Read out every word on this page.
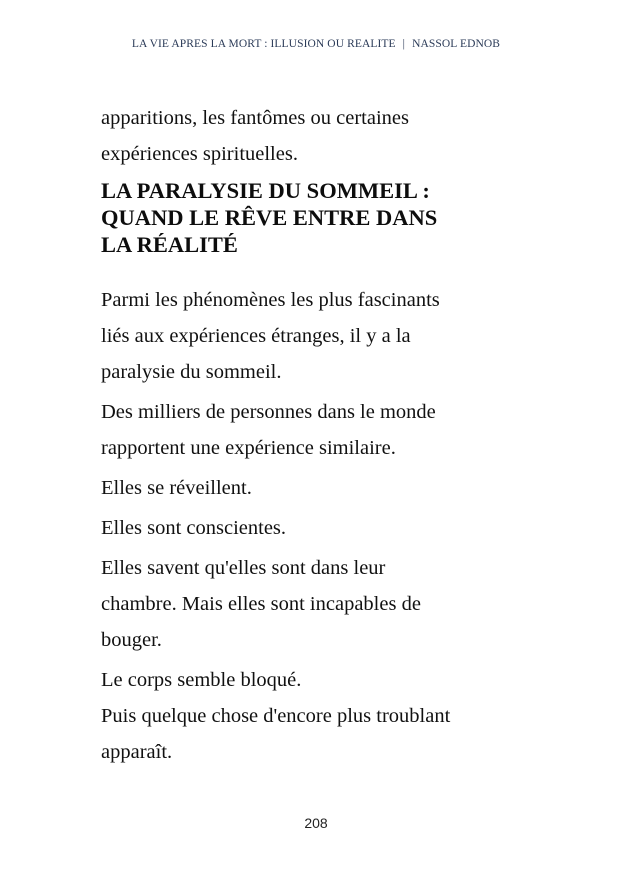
LA VIE APRES LA MORT : ILLUSION OU REALITE | NASSOL EDNOB

apparitions, les fantômes ou certaines
expériences spirituelles.

LA PARALYSIE DU SOMMEIL :
QUAND LE RÊVE ENTRE DANS
LA RÉALITÉ

Parmi les phénomènes les plus fascinants
liés aux expériences étranges, il y a la
paralysie du sommeil.

Des milliers de personnes dans le monde
rapportent une expérience similaire.

Elles se réveillent.

Elles sont conscientes.

Elles savent qu'elles sont dans leur
chambre. Mais elles sont incapables de
bouger.

Le corps semble bloqué.
Puis quelque chose d'encore plus troublant
apparaît.

208
